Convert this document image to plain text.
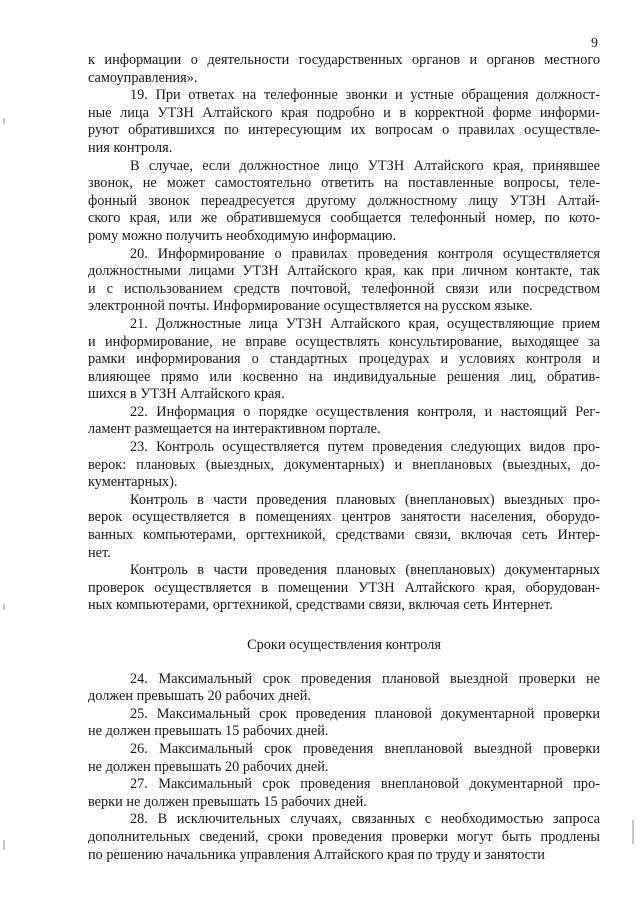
9
к информации о деятельности государственных органов и органов местного
самоуправления».
19. При ответах на телефонные звонки и устные обращения должност-
ные лица УТЗН Алтайского края подробно и в корректной форме информи-
руют обратившихся по интересующим их вопросам о правилах осуществле-
ния контроля.
В случае, если должностное лицо УТЗН Алтайского края, принявшее
звонок, не может самостоятельно ответить на поставленные вопросы, теле-
фонный звонок переадресуется другому должностному лицу УТЗН Алтай-
ского края, или же обратившемуся сообщается телефонный номер, по кото-
рому можно получить необходимую информацию.
20. Информирование о правилах проведения контроля осуществляется
должностными лицами УТЗН Алтайского края, как при личном контакте, так
и с использованием средств почтовой, телефонной связи или посредством
электронной почты. Информирование осуществляется на русском языке.
21. Должностные лица УТЗН Алтайского края, осуществляющие прием
и информирование, не вправе осуществлять консультирование, выходящее за
рамки информирования о стандартных процедурах и условиях контроля и
влияющее прямо или косвенно на индивидуальные решения лиц, обратив-
шихся в УТЗН Алтайского края.
22. Информация о порядке осуществления контроля, и настоящий Рег-
ламент размещается на интерактивном портале.
23. Контроль осуществляется путем проведения следующих видов про-
верок: плановых (выездных, документарных) и внеплановых (выездных, до-
кументарных).
Контроль в части проведения плановых (внеплановых) выездных про-
верок осуществляется в помещениях центров занятости населения, оборудо-
ванных компьютерами, оргтехникой, средствами связи, включая сеть Интер-
нет.
Контроль в части проведения плановых (внеплановых) документарных
проверок осуществляется в помещении УТЗН Алтайского края, оборудован-
ных компьютерами, оргтехникой, средствами связи, включая сеть Интернет.
Сроки осуществления контроля
24. Максимальный срок проведения плановой выездной проверки не
должен превышать 20 рабочих дней.
25. Максимальный срок проведения плановой документарной проверки
не должен превышать 15 рабочих дней.
26. Максимальный срок проведения внеплановой выездной проверки
не должен превышать 20 рабочих дней.
27. Максимальный срок проведения внеплановой документарной про-
верки не должен превышать 15 рабочих дней.
28. В исключительных случаях, связанных с необходимостью запроса
дополнительных сведений, сроки проведения проверки могут быть продлены
по решению начальника управления Алтайского края по труду и занятости
